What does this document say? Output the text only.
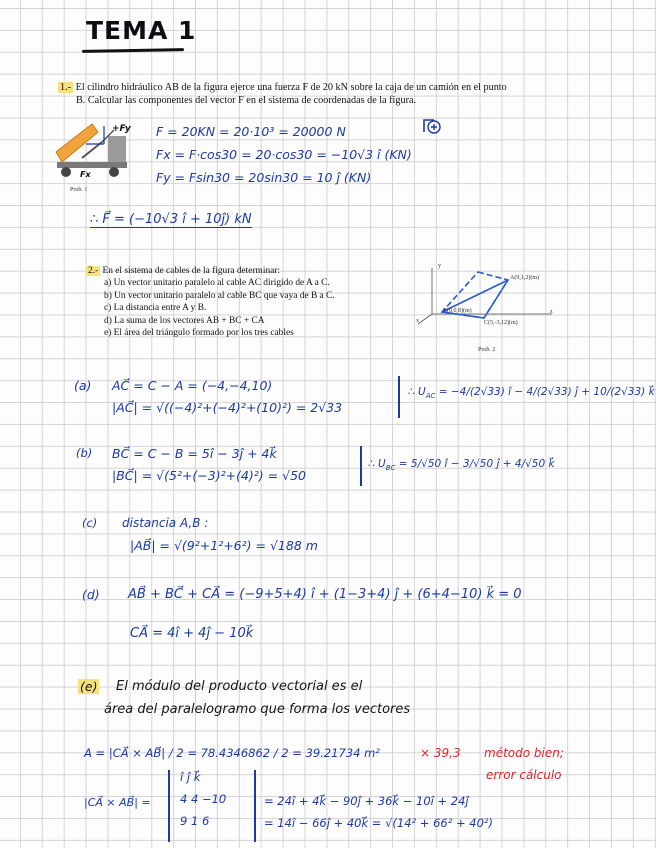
TEMA 1
1.- El cilindro hidráulico AB de la figura ejerce una fuerza F de 20 kN sobre la caja de un camión en el punto
B. Calcular las componentes del vector F en el sistema de coordenadas de la figura.
+Fy
Fx
Prob. 1
F = 20KN = 20·10³ = 20000 N
Fx = F·cos30 = 20·cos30 = −10√3 î (KN)
Fy = Fsin30 = 20sin30 = 10 ĵ (KN)
∴ F⃗ = (−10√3 î + 10ĵ) kN
2.- En el sistema de cables de la figura determinar:
a) Un vector unitario paralelo al cable AC dirigido de A a C.
b) Un vector unitario paralelo al cable BC que vaya de B a C.
c) La distancia entre A y B.
d) La suma de los vectores AB + BC + CA
e) El área del triángulo formado por los tres cables
A(9,1,2)(m)
B(0,0,8)(m)
C(5,-3,12)(m)
y
x
z
Prob. 2
(a) AC⃗ = C − A = (−4,−4,10)
|AC⃗| = √((−4)²+(−4)²+(10)²) = 2√33
∴ $U_{AC} = -4/(2√33)$ î − 4/(2√33) ĵ + 10/(2√33) k⃗
(b) BC⃗ = C − B = 5î − 3ĵ + 4k⃗
|BC⃗| = √(5²+(−3)²+(4)²) = √50
∴ $U_{BC} = 5/√50$ î − 3/√50 ĵ + 4/√50 k⃗
(c) distancia A,B :
|AB⃗| = √(9²+1²+6²) = √188 m
(d) AB⃗ + BC⃗ + CA⃗ = (−9+5+4) î + (1−3+4) ĵ + (6+4−10) k⃗ = 0
CA⃗ = 4î + 4ĵ − 10k⃗
(e) El módulo del producto vectorial es el
área del paralelogramo que forma los vectores
A = |CA⃗ × AB⃗| / 2 = 78.4346862 / 2 = 39.21734 m²	× 39,3 método bien;
error cálculo
|CA⃗ × AB⃗| =
î ĵ k⃗
4 4 −10
9 1 6
= 24î + 4k⃗ − 90ĵ + 36k⃗ − 10î + 24ĵ
= 14î − 66ĵ + 40k⃗ = √(14² + 66² + 40²)
